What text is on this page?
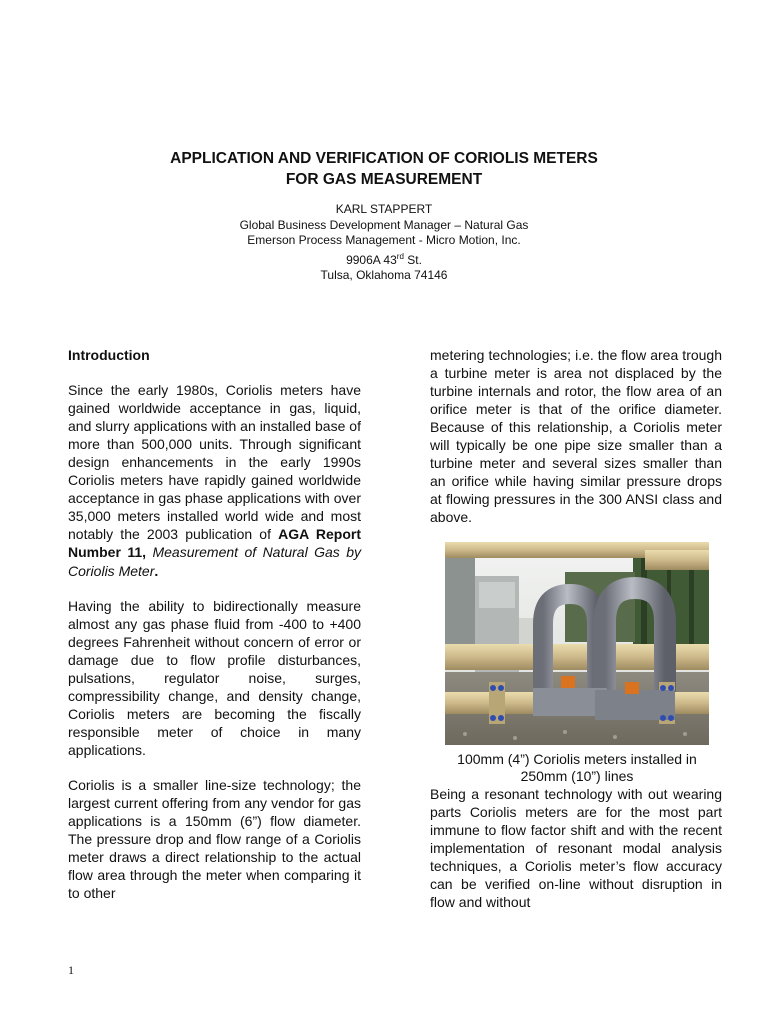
APPLICATION AND VERIFICATION OF CORIOLIS METERS
FOR GAS MEASUREMENT
KARL STAPPERT
Global Business Development Manager – Natural Gas
Emerson Process Management - Micro Motion, Inc.
9906A 43rd St.
Tulsa, Oklahoma 74146

Introduction

Since the early 1980s, Coriolis meters have gained worldwide acceptance in gas, liquid, and slurry applications with an installed base of more than 500,000 units. Through significant design enhancements in the early 1990s Coriolis meters have rapidly gained worldwide acceptance in gas phase applications with over 35,000 meters installed world wide and most notably the 2003 publication of AGA Report Number 11, Measurement of Natural Gas by Coriolis Meter.

Having the ability to bidirectionally measure almost any gas phase fluid from -400 to +400 degrees Fahrenheit without concern of error or damage due to flow profile disturbances, pulsations, regulator noise, surges, compressibility change, and density change, Coriolis meters are becoming the fiscally responsible meter of choice in many applications.

Coriolis is a smaller line-size technology; the largest current offering from any vendor for gas applications is a 150mm (6”) flow diameter. The pressure drop and flow range of a Coriolis meter draws a direct relationship to the actual flow area through the meter when comparing it to other

metering technologies; i.e. the flow area trough a turbine meter is area not displaced by the turbine internals and rotor, the flow area of an orifice meter is that of the orifice diameter. Because of this relationship, a Coriolis meter will typically be one pipe size smaller than a turbine meter and several sizes smaller than an orifice while having similar pressure drops at flowing pressures in the 300 ANSI class and above.

100mm (4”) Coriolis meters installed in
250mm (10”) lines

Being a resonant technology with out wearing parts Coriolis meters are for the most part immune to flow factor shift and with the recent implementation of resonant modal analysis techniques, a Coriolis meter’s flow accuracy can be verified on-line without disruption in flow and without

1
